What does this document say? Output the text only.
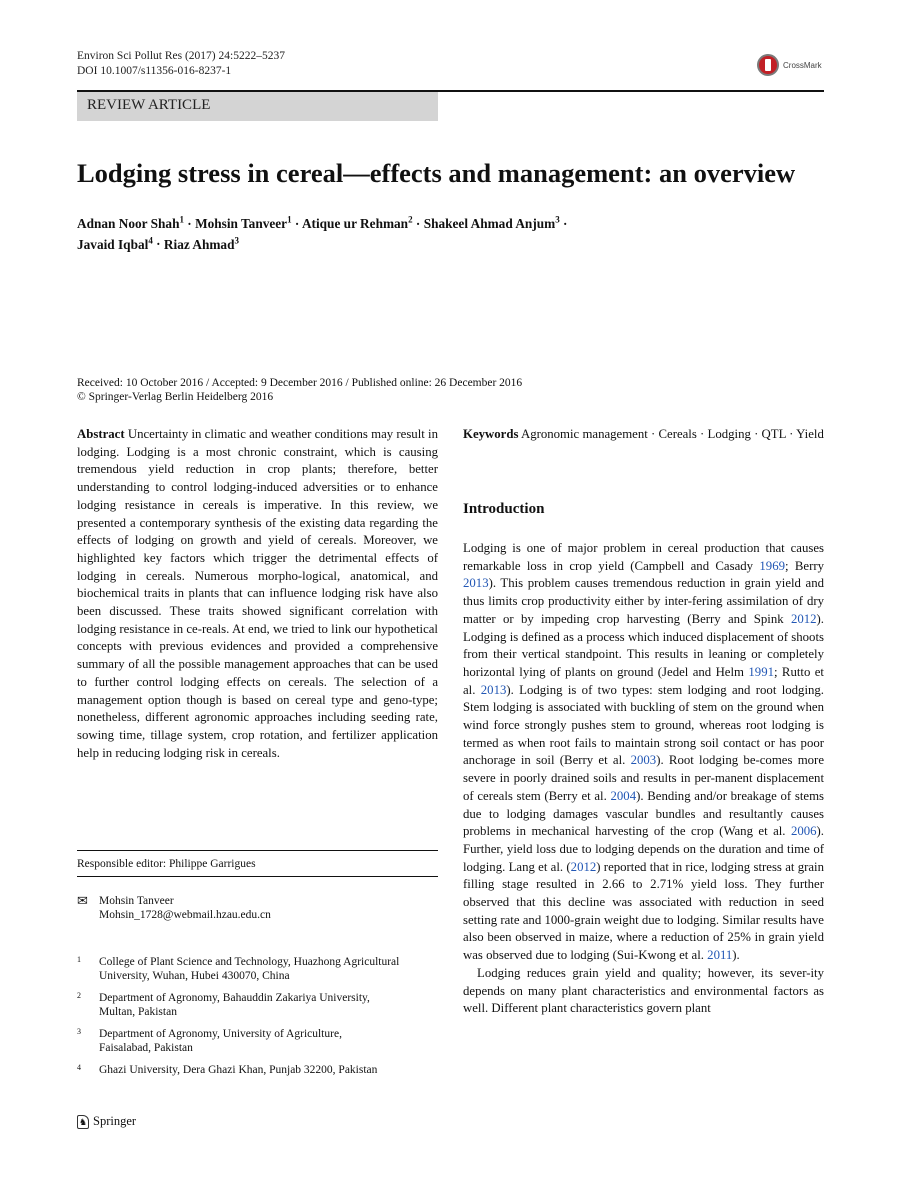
Environ Sci Pollut Res (2017) 24:5222–5237
DOI 10.1007/s11356-016-8237-1	CrossMark
REVIEW ARTICLE
Lodging stress in cereal—effects and management: an overview
Adnan Noor Shah$^1$ · Mohsin Tanveer$^1$ · Atique ur Rehman$^2$ · Shakeel Ahmad Anjum$^3$ ·
Javaid Iqbal$^4$ · Riaz Ahmad$^3$
Received: 10 October 2016 / Accepted: 9 December 2016 / Published online: 26 December 2016
© Springer-Verlag Berlin Heidelberg 2016

Abstract Uncertainty in climatic and weather conditions may result in lodging. Lodging is a most chronic constraint, which is causing tremendous yield reduction in crop plants; therefore, better understanding to control lodging-induced adversities or to enhance lodging resistance in cereals is imperative. In this review, we presented a contemporary synthesis of the existing data regarding the effects of lodging on growth and yield of cereals. Moreover, we highlighted key factors which trigger the detrimental effects of lodging in cereals. Numerous morpho-logical, anatomical, and biochemical traits in plants that can influence lodging risk have also been discussed. These traits showed significant correlation with lodging resistance in ce-reals. At end, we tried to link our hypothetical concepts with previous evidences and provided a comprehensive summary of all the possible management approaches that can be used to further control lodging effects on cereals. The selection of a management option though is based on cereal type and geno-type; nonetheless, different agronomic approaches including seeding rate, sowing time, tillage system, crop rotation, and fertilizer application help in reducing lodging risk in cereals.

Responsible editor: Philippe Garrigues
✉ Mohsin Tanveer
Mohsin_1728@webmail.hzau.edu.cn
1	College of Plant Science and Technology, Huazhong Agricultural University, Wuhan, Hubei 430070, China
2	Department of Agronomy, Bahauddin Zakariya University, Multan, Pakistan
3	Department of Agronomy, University of Agriculture, Faisalabad, Pakistan
4	Ghazi University, Dera Ghazi Khan, Punjab 32200, Pakistan

Keywords Agronomic management · Cereals · Lodging · QTL · Yield

Introduction

Lodging is one of major problem in cereal production that causes remarkable loss in crop yield (Campbell and Casady 1969; Berry 2013). This problem causes tremendous reduction in grain yield and thus limits crop productivity either by inter-fering assimilation of dry matter or by impeding crop harvesting (Berry and Spink 2012). Lodging is defined as a process which induced displacement of shoots from their vertical standpoint. This results in leaning or completely horizontal lying of plants on ground (Jedel and Helm 1991; Rutto et al. 2013). Lodging is of two types: stem lodging and root lodging. Stem lodging is associated with buckling of stem on the ground when wind force strongly pushes stem to ground, whereas root lodging is termed as when root fails to maintain strong soil contact or has poor anchorage in soil (Berry et al. 2003). Root lodging be-comes more severe in poorly drained soils and results in per-manent displacement of cereals stem (Berry et al. 2004). Bending and/or breakage of stems due to lodging damages vascular bundles and resultantly causes problems in mechanical harvesting of the crop (Wang et al. 2006). Further, yield loss due to lodging depends on the duration and time of lodging. Lang et al. (2012) reported that in rice, lodging stress at grain filling stage resulted in 2.66 to 2.71% yield loss. They further observed that this decline was associated with reduction in seed setting rate and 1000-grain weight due to lodging. Similar results have also been observed in maize, where a reduction of 25% in grain yield was observed due to lodging (Sui-Kwong et al. 2011).

Lodging reduces grain yield and quality; however, its sever-ity depends on many plant characteristics and environmental factors as well. Different plant characteristics govern plant

♞ Springer
